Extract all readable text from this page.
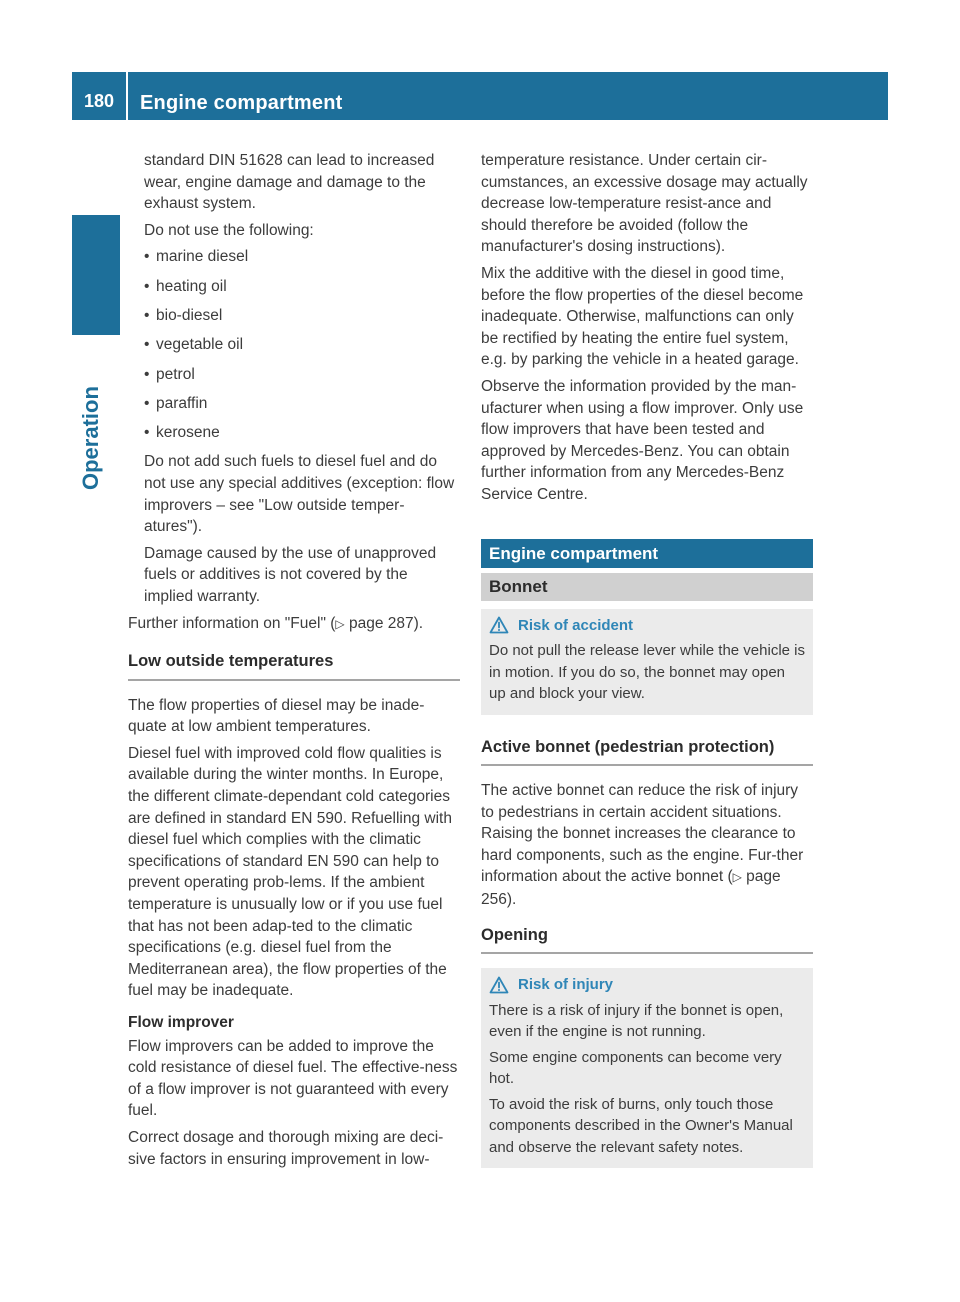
180	Engine compartment
Operation

standard DIN 51628 can lead to increased wear, engine damage and damage to the exhaust system.

Do not use the following:

• marine diesel
• heating oil
• bio-diesel
• vegetable oil
• petrol
• paraffin
• kerosene

Do not add such fuels to diesel fuel and do not use any special additives (exception: flow improvers – see "Low outside temper-atures").

Damage caused by the use of unapproved fuels or additives is not covered by the implied warranty.

Further information on "Fuel" (▷ page 287).

Low outside temperatures

The flow properties of diesel may be inade-quate at low ambient temperatures.

Diesel fuel with improved cold flow qualities is available during the winter months. In Europe, the different climate-dependant cold categories are defined in standard EN 590. Refuelling with diesel fuel which complies with the climatic specifications of standard EN 590 can help to prevent operating prob-lems. If the ambient temperature is unusually low or if you use fuel that has not been adap-ted to the climatic specifications (e.g. diesel fuel from the Mediterranean area), the flow properties of the fuel may be inadequate.

Flow improver

Flow improvers can be added to improve the cold resistance of diesel fuel. The effective-ness of a flow improver is not guaranteed with every fuel.

Correct dosage and thorough mixing are deci-sive factors in ensuring improvement in low-

temperature resistance. Under certain cir-cumstances, an excessive dosage may actually decrease low-temperature resist-ance and should therefore be avoided (follow the manufacturer's dosing instructions).

Mix the additive with the diesel in good time, before the flow properties of the diesel become inadequate. Otherwise, malfunctions can only be rectified by heating the entire fuel system, e.g. by parking the vehicle in a heated garage.

Observe the information provided by the man-ufacturer when using a flow improver. Only use flow improvers that have been tested and approved by Mercedes-Benz. You can obtain further information from any Mercedes-Benz Service Centre.

Engine compartment
Bonnet
Risk of accident

Do not pull the release lever while the vehicle is in motion. If you do so, the bonnet may open up and block your view.

Active bonnet (pedestrian protection)

The active bonnet can reduce the risk of injury to pedestrians in certain accident situations. Raising the bonnet increases the clearance to hard components, such as the engine. Fur-ther information about the active bonnet (▷ page 256).

Opening
Risk of injury

There is a risk of injury if the bonnet is open, even if the engine is not running.

Some engine components can become very hot.

To avoid the risk of burns, only touch those components described in the Owner's Manual and observe the relevant safety notes.
